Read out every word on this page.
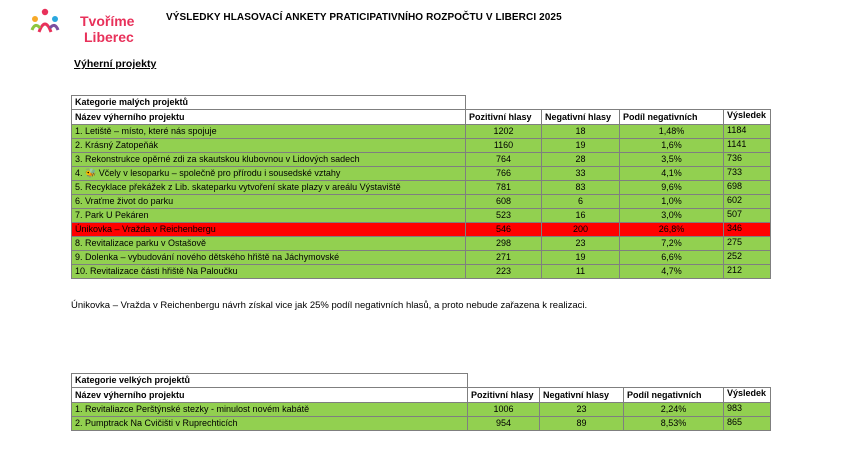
Tvoříme
Liberec
VÝSLEDKY HLASOVACÍ ANKETY PRATICIPATIVNÍHO ROZPOČTU V LIBERCI 2025
Výherní projekty
Kategorie malých projektů				
Název výherního projektu	Pozitivní hlasy	Negativní hlasy	Podíl negativních	Výsledek
1. Letiště – místo, které nás spojuje	1202	18	1,48%	1184
2. Krásný Zatopeňák	1160	19	1,6%	1141
3. Rekonstrukce opěrné zdi za skautskou klubovnou v Lidových sadech	764	28	3,5%	736
4. 🐝 Včely v lesoparku – společně pro přírodu i sousedské vztahy	766	33	4,1%	733
5. Recyklace překážek z Lib. skateparku vytvoření skate plazy v areálu Výstaviště	781	83	9,6%	698
6. Vraťme život do parku	608	6	1,0%	602
7. Park U Pekáren	523	16	3,0%	507
Únikovka – Vražda v Reichenbergu	546	200	26,8%	346
8. Revitalizace parku v Ostašově	298	23	7,2%	275
9. Dolenka – vybudování nového dětského hřiště na Jáchymovské	271	19	6,6%	252
10. Revitalizace části hřiště Na Paloučku	223	11	4,7%	212
Únikovka – Vražda v Reichenbergu návrh získal vice jak 25% podíl negativních hlasů, a proto nebude zařazena k realizaci.
Kategorie velkých projektů				
Název výherního projektu	Pozitivní hlasy	Negativní hlasy	Podíl negativních	Výsledek
1. Revitaliazce Perštýnské stezky - minulost novém kabátě	1006	23	2,24%	983
2. Pumptrack Na Cvičišti v Ruprechticích	954	89	8,53%	865
